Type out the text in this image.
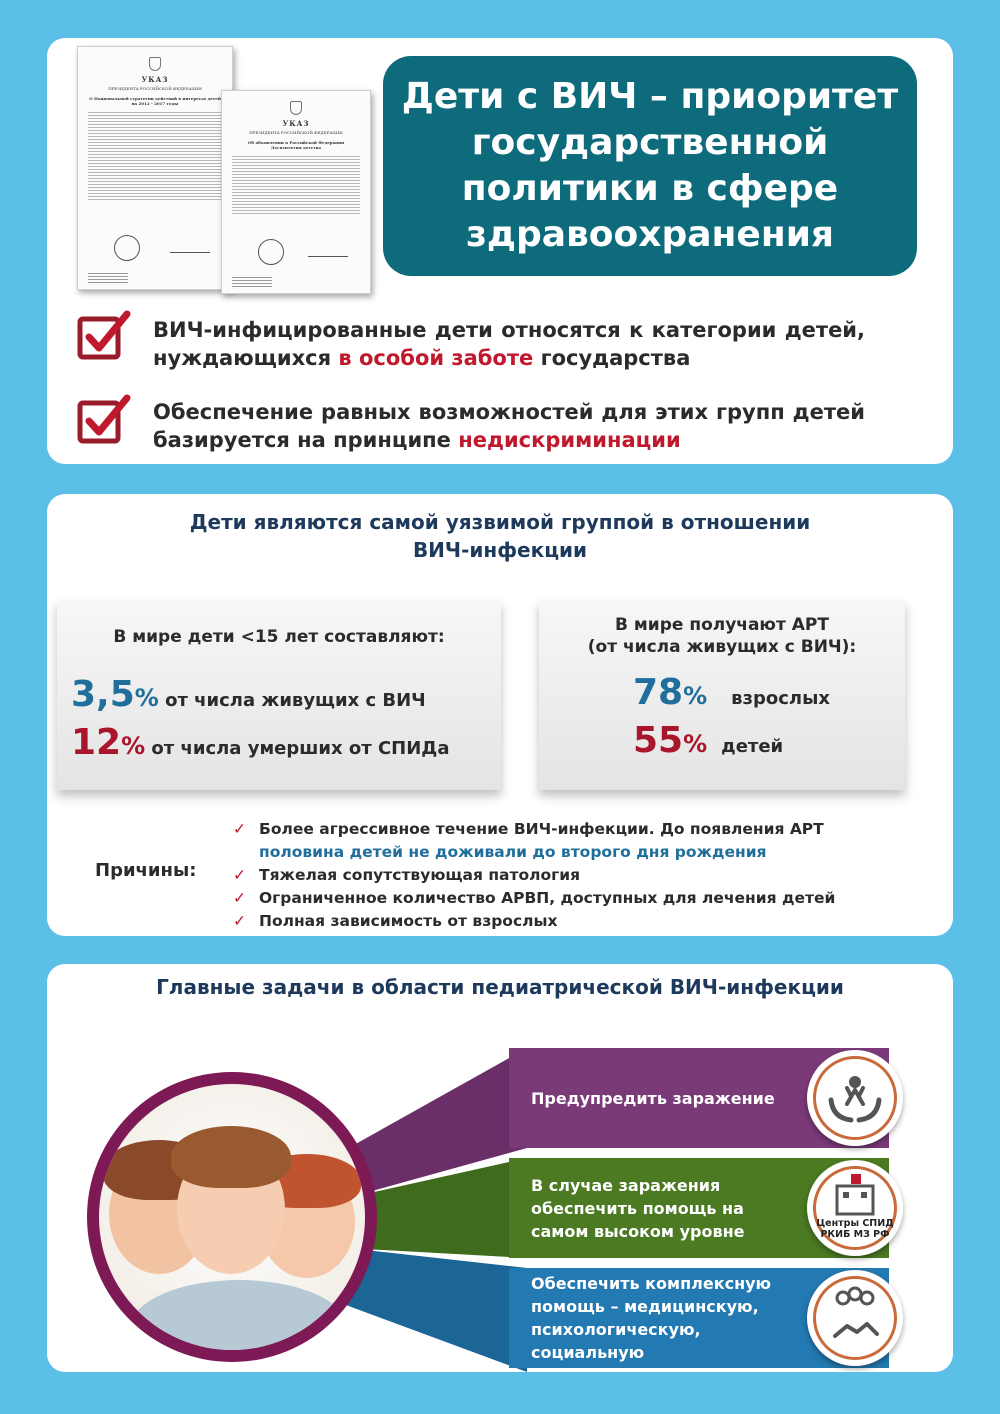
УКАЗ
ПРЕЗИДЕНТА РОССИЙСКОЙ ФЕДЕРАЦИИ
О Национальной стратегии действий в интересах детей на 2012 - 2017 годы
УКАЗ
ПРЕЗИДЕНТА РОССИЙСКОЙ ФЕДЕРАЦИИ
Об объявлении в Российской Федерации Десятилетия детства
Дети с ВИЧ – приоритет государственной политики в сфере здравоохранения
ВИЧ-инфицированные дети относятся к категории детей, нуждающихся в особой заботе государства
Обеспечение равных возможностей для этих групп детей базируется на принципе недискриминации
Дети являются самой уязвимой группой в отношении
ВИЧ-инфекции
В мире дети <15 лет составляют:
3,5% от числа живущих с ВИЧ
12% от числа умерших от СПИДа
В мире получают АРТ
(от числа живущих с ВИЧ):
78% взрослых
55% детей
Причины:
✓ Более агрессивное течение ВИЧ-инфекции. До появления АРТ
половина детей не доживали до второго дня рождения
✓ Тяжелая сопутствующая патология
✓ Ограниченное количество АРВП, доступных для лечения детей
✓ Полная зависимость от взрослых
Главные задачи в области педиатрической ВИЧ-инфекции
Предупредить заражение
В случае заражения обеспечить помощь на самом высоком уровне
Обеспечить комплексную помощь – медицинскую, психологическую, социальную
Центры СПИД РКИБ МЗ РФ
